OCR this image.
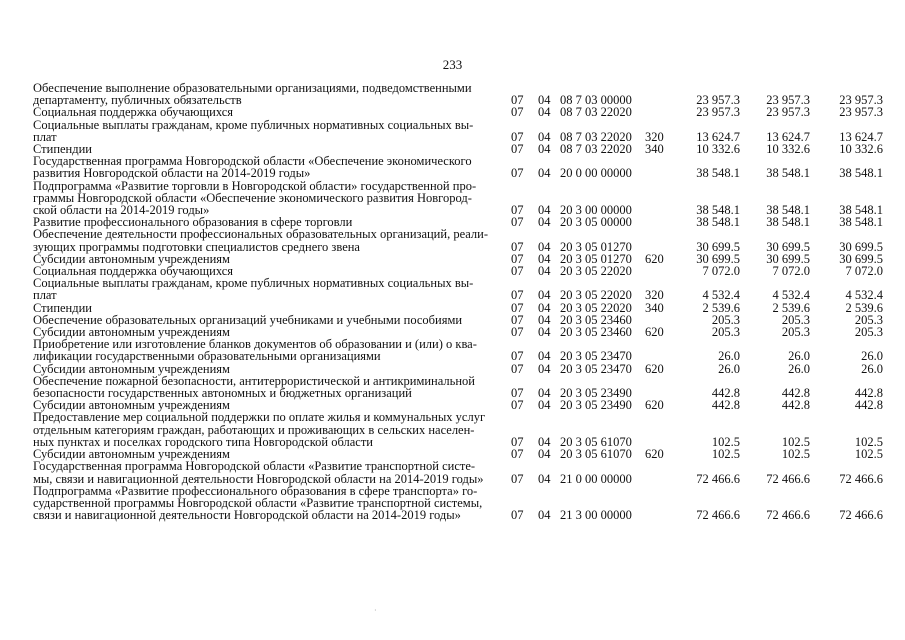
233
Обеспечение выполнение образовательными организациями, подведомственными
департаменту, публичных обязательств	07 04 08 7 03 00000	23 957.3 23 957.3 23 957.3
Социальная поддержка обучающихся	07 04 08 7 03 22020	23 957.3 23 957.3 23 957.3
Социальные выплаты гражданам, кроме публичных нормативных социальных вы-
плат	07 04 08 7 03 22020 320	13 624.7 13 624.7 13 624.7
Стипендии	07 04 08 7 03 22020 340	10 332.6 10 332.6 10 332.6
Государственная программа Новгородской области «Обеспечение экономического
развития Новгородской области на 2014-2019 годы»	07 04 20 0 00 00000	38 548.1 38 548.1 38 548.1
Подпрограмма «Развитие торговли в Новгородской области» государственной про-
граммы Новгородской области «Обеспечение экономического развития Новгород-
ской области на 2014-2019 годы»	07 04 20 3 00 00000	38 548.1 38 548.1 38 548.1
Развитие профессионального образования в сфере торговли	07 04 20 3 05 00000	38 548.1 38 548.1 38 548.1
Обеспечение деятельности профессиональных образовательных организаций, реали-
зующих программы подготовки специалистов среднего звена	07 04 20 3 05 01270	30 699.5 30 699.5 30 699.5
Субсидии автономным учреждениям	07 04 20 3 05 01270 620	30 699.5 30 699.5 30 699.5
Социальная поддержка обучающихся	07 04 20 3 05 22020	7 072.0	7 072.0	7 072.0
Социальные выплаты гражданам, кроме публичных нормативных социальных вы-
плат	07 04 20 3 05 22020 320	4 532.4	4 532.4	4 532.4
Стипендии	07 04 20 3 05 22020 340	2 539.6	2 539.6	2 539.6
Обеспечение образовательных организаций учебниками и учебными пособиями	07 04 20 3 05 23460	205.3	205.3	205.3
Субсидии автономным учреждениям	07 04 20 3 05 23460 620	205.3	205.3	205.3
Приобретение или изготовление бланков документов об образовании и (или) о ква-
лификации государственными образовательными организациями	07 04 20 3 05 23470	26.0	26.0	26.0
Субсидии автономным учреждениям	07 04 20 3 05 23470 620	26.0	26.0	26.0
Обеспечение пожарной безопасности, антитеррористической и антикриминальной
безопасности государственных автономных и бюджетных организаций	07 04 20 3 05 23490	442.8	442.8	442.8
Субсидии автономным учреждениям	07 04 20 3 05 23490 620	442.8	442.8	442.8
Предоставление мер социальной поддержки по оплате жилья и коммунальных услуг
отдельным категориям граждан, работающих и проживающих в сельских населен-
ных пунктах и поселках городского типа Новгородской области	07 04 20 3 05 61070	102.5	102.5	102.5
Субсидии автономным учреждениям	07 04 20 3 05 61070 620	102.5	102.5	102.5
Государственная программа Новгородской области «Развитие транспортной систе-
мы, связи и навигационной деятельности Новгородской области на 2014-2019 годы»	07 04 21 0 00 00000	72 466.6 72 466.6 72 466.6
Подпрограмма «Развитие профессионального образования в сфере транспорта» го-
сударственной программы Новгородской области «Развитие транспортной системы,
связи и навигационной деятельности Новгородской области на 2014-2019 годы»	07 04 21 3 00 00000	72 466.6 72 466.6 72 466.6
·
